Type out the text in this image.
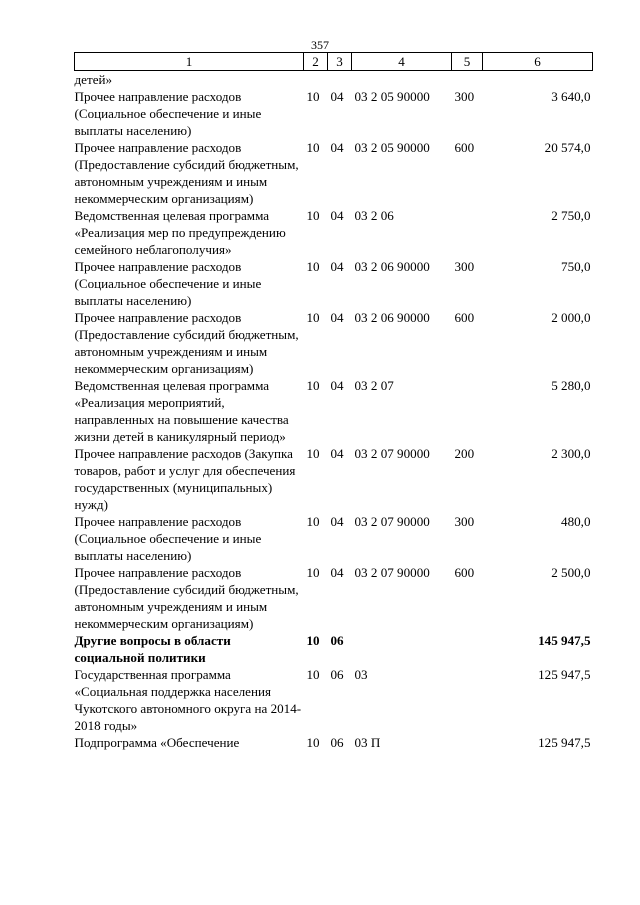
357
1	2	3	4	5	6
детей»					
Прочее направление расходов (Социальное обеспечение и иные выплаты населению)	10	04	03 2 05 90000	300	3 640,0
Прочее направление расходов (Предоставление субсидий бюджетным, автономным учреждениям и иным некоммерческим организациям)	10	04	03 2 05 90000	600	20 574,0
Ведомственная целевая программа «Реализация мер по предупреждению семейного неблагополучия»	10	04	03 2 06		2 750,0
Прочее направление расходов (Социальное обеспечение и иные выплаты населению)	10	04	03 2 06 90000	300	750,0
Прочее направление расходов (Предоставление субсидий бюджетным, автономным учреждениям и иным некоммерческим организациям)	10	04	03 2 06 90000	600	2 000,0
Ведомственная целевая программа «Реализация мероприятий, направленных на повышение качества жизни детей в каникулярный период»	10	04	03 2 07		5 280,0
Прочее направление расходов (Закупка товаров, работ и услуг для обеспечения государственных (муниципальных) нужд)	10	04	03 2 07 90000	200	2 300,0
Прочее направление расходов (Социальное обеспечение и иные выплаты населению)	10	04	03 2 07 90000	300	480,0
Прочее направление расходов (Предоставление субсидий бюджетным, автономным учреждениям и иным некоммерческим организациям)	10	04	03 2 07 90000	600	2 500,0
Другие вопросы в области социальной политики	10	06			145 947,5
Государственная программа «Социальная поддержка населения Чукотского автономного округа на 2014-2018 годы»	10	06	03		125 947,5
Подпрограмма «Обеспечение	10	06	03 П		125 947,5
